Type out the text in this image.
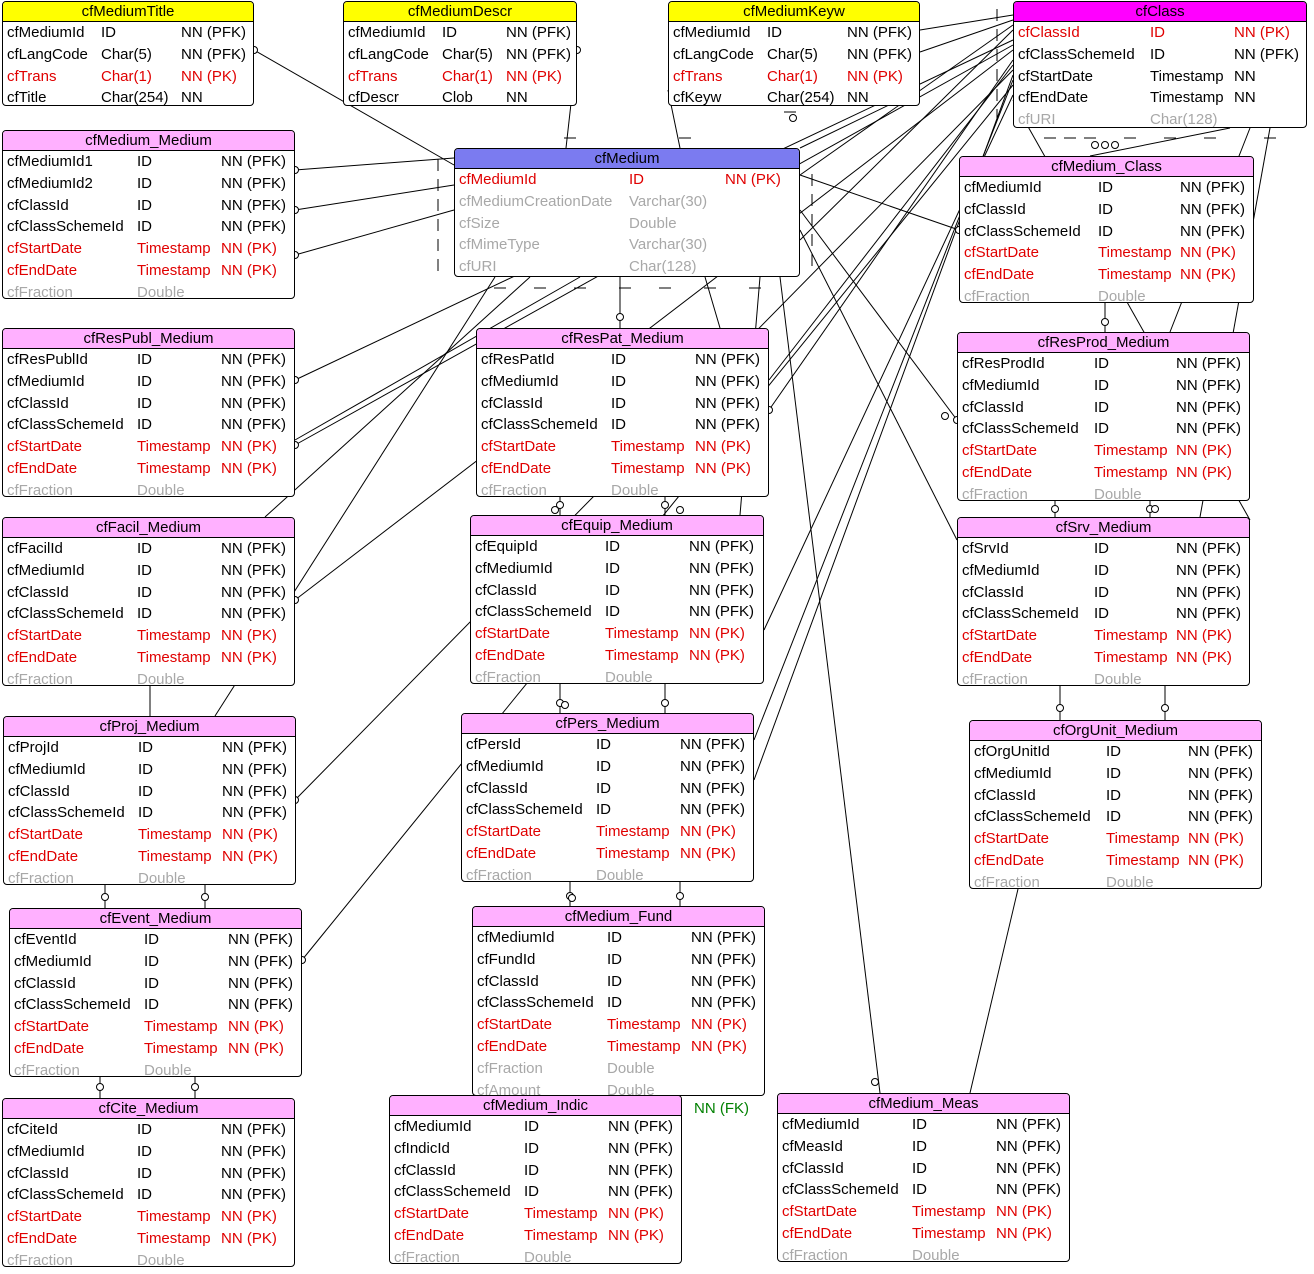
cfMediumTitle
cfMediumId ID	NN (PFK)
cfLangCode Char(5) NN (PFK)
cfTrans	Char(1) NN (PK)
cfTitle	Char(254) NN
cfMediumDescr
cfMediumId ID	NN (PFK)
cfLangCode Char(5) NN (PFK)
cfTrans	Char(1) NN (PK)
cfDescr	Clob NN
cfMediumKeyw
cfMediumId ID	NN (PFK)
cfLangCode Char(5) NN (PFK)
cfTrans	Char(1) NN (PK)
cfKeyw	Char(254) NN
cfClass
cfClassId	ID	NN (PK)
cfClassSchemeId ID	NN (PFK)
cfStartDate	Timestamp NN
cfEndDate	Timestamp NN
cfURI	Char(128)
cfMedium
cfMediumId	ID	NN (PK)
cfMediumCreationDate Varchar(30)
cfSize	Double
cfMimeType	Varchar(30)
cfURI	Char(128)
cfMedium_Medium
cfMediumId1	ID	NN (PFK)
cfMediumId2	ID	NN (PFK)
cfClassId	ID	NN (PFK)
cfClassSchemeId ID	NN (PFK)
cfStartDate	Timestamp NN (PK)
cfEndDate	Timestamp NN (PK)
cfFraction	Double
cfMedium_Class
cfMediumId	ID	NN (PFK)
cfClassId	ID	NN (PFK)
cfClassSchemeId ID	NN (PFK)
cfStartDate	Timestamp NN (PK)
cfEndDate	Timestamp NN (PK)
cfFraction	Double
cfResPubl_Medium
cfResPublId	ID	NN (PFK)
cfMediumId	ID	NN (PFK)
cfClassId	ID	NN (PFK)
cfClassSchemeId ID	NN (PFK)
cfStartDate	Timestamp NN (PK)
cfEndDate	Timestamp NN (PK)
cfFraction	Double
cfResPat_Medium
cfResPatId	ID	NN (PFK)
cfMediumId	ID	NN (PFK)
cfClassId	ID	NN (PFK)
cfClassSchemeId ID	NN (PFK)
cfStartDate	Timestamp NN (PK)
cfEndDate	Timestamp NN (PK)
cfFraction	Double
cfResProd_Medium
cfResProdId	ID	NN (PFK)
cfMediumId	ID	NN (PFK)
cfClassId	ID	NN (PFK)
cfClassSchemeId ID	NN (PFK)
cfStartDate	Timestamp NN (PK)
cfEndDate	Timestamp NN (PK)
cfFraction	Double
cfFacil_Medium
cfFacilId	ID	NN (PFK)
cfMediumId	ID	NN (PFK)
cfClassId	ID	NN (PFK)
cfClassSchemeId ID	NN (PFK)
cfStartDate	Timestamp NN (PK)
cfEndDate	Timestamp NN (PK)
cfFraction	Double
cfEquip_Medium
cfEquipId	ID	NN (PFK)
cfMediumId	ID	NN (PFK)
cfClassId	ID	NN (PFK)
cfClassSchemeId ID	NN (PFK)
cfStartDate	Timestamp NN (PK)
cfEndDate	Timestamp NN (PK)
cfFraction	Double
cfSrv_Medium
cfSrvId	ID	NN (PFK)
cfMediumId	ID	NN (PFK)
cfClassId	ID	NN (PFK)
cfClassSchemeId ID	NN (PFK)
cfStartDate	Timestamp NN (PK)
cfEndDate	Timestamp NN (PK)
cfFraction	Double
cfProj_Medium
cfProjId	ID	NN (PFK)
cfMediumId	ID	NN (PFK)
cfClassId	ID	NN (PFK)
cfClassSchemeId ID	NN (PFK)
cfStartDate	Timestamp NN (PK)
cfEndDate	Timestamp NN (PK)
cfFraction	Double
cfPers_Medium
cfPersId	ID	NN (PFK)
cfMediumId	ID	NN (PFK)
cfClassId	ID	NN (PFK)
cfClassSchemeId ID	NN (PFK)
cfStartDate	Timestamp NN (PK)
cfEndDate	Timestamp NN (PK)
cfFraction	Double
cfOrgUnit_Medium
cfOrgUnitId	ID	NN (PFK)
cfMediumId	ID	NN (PFK)
cfClassId	ID	NN (PFK)
cfClassSchemeId ID	NN (PFK)
cfStartDate	Timestamp NN (PK)
cfEndDate	Timestamp NN (PK)
cfFraction	Double
cfEvent_Medium
cfEventId	ID	NN (PFK)
cfMediumId	ID	NN (PFK)
cfClassId	ID	NN (PFK)
cfClassSchemeId ID	NN (PFK)
cfStartDate	Timestamp NN (PK)
cfEndDate	Timestamp NN (PK)
cfFraction	Double
cfMedium_Fund
cfMediumId	ID	NN (PFK)
cfFundId	ID	NN (PFK)
cfClassId	ID	NN (PFK)
cfClassSchemeId ID	NN (PFK)
cfStartDate	Timestamp NN (PK)
cfEndDate	Timestamp NN (PK)
cfFraction	Double
cfAmount	Double
cfMedium_Indic
cfMediumId	ID	NN (PFK)
cfIndicId	ID	NN (PFK)
cfClassId	ID	NN (PFK)
cfClassSchemeId ID	NN (PFK)
cfStartDate	Timestamp NN (PK)
cfEndDate	Timestamp NN (PK)
cfFraction	Double
cfMedium_Meas
cfMediumId	ID	NN (PFK)
cfMeasId	ID	NN (PFK)
cfClassId	ID	NN (PFK)
cfClassSchemeId ID	NN (PFK)
cfStartDate	Timestamp NN (PK)
cfEndDate	Timestamp NN (PK)
cfFraction	Double
cfCite_Medium
cfCiteId	ID	NN (PFK)
cfMediumId	ID	NN (PFK)
cfClassId	ID	NN (PFK)
cfClassSchemeId ID	NN (PFK)
cfStartDate	Timestamp NN (PK)
cfEndDate	Timestamp NN (PK)
cfFraction	Double
NN (FK)
